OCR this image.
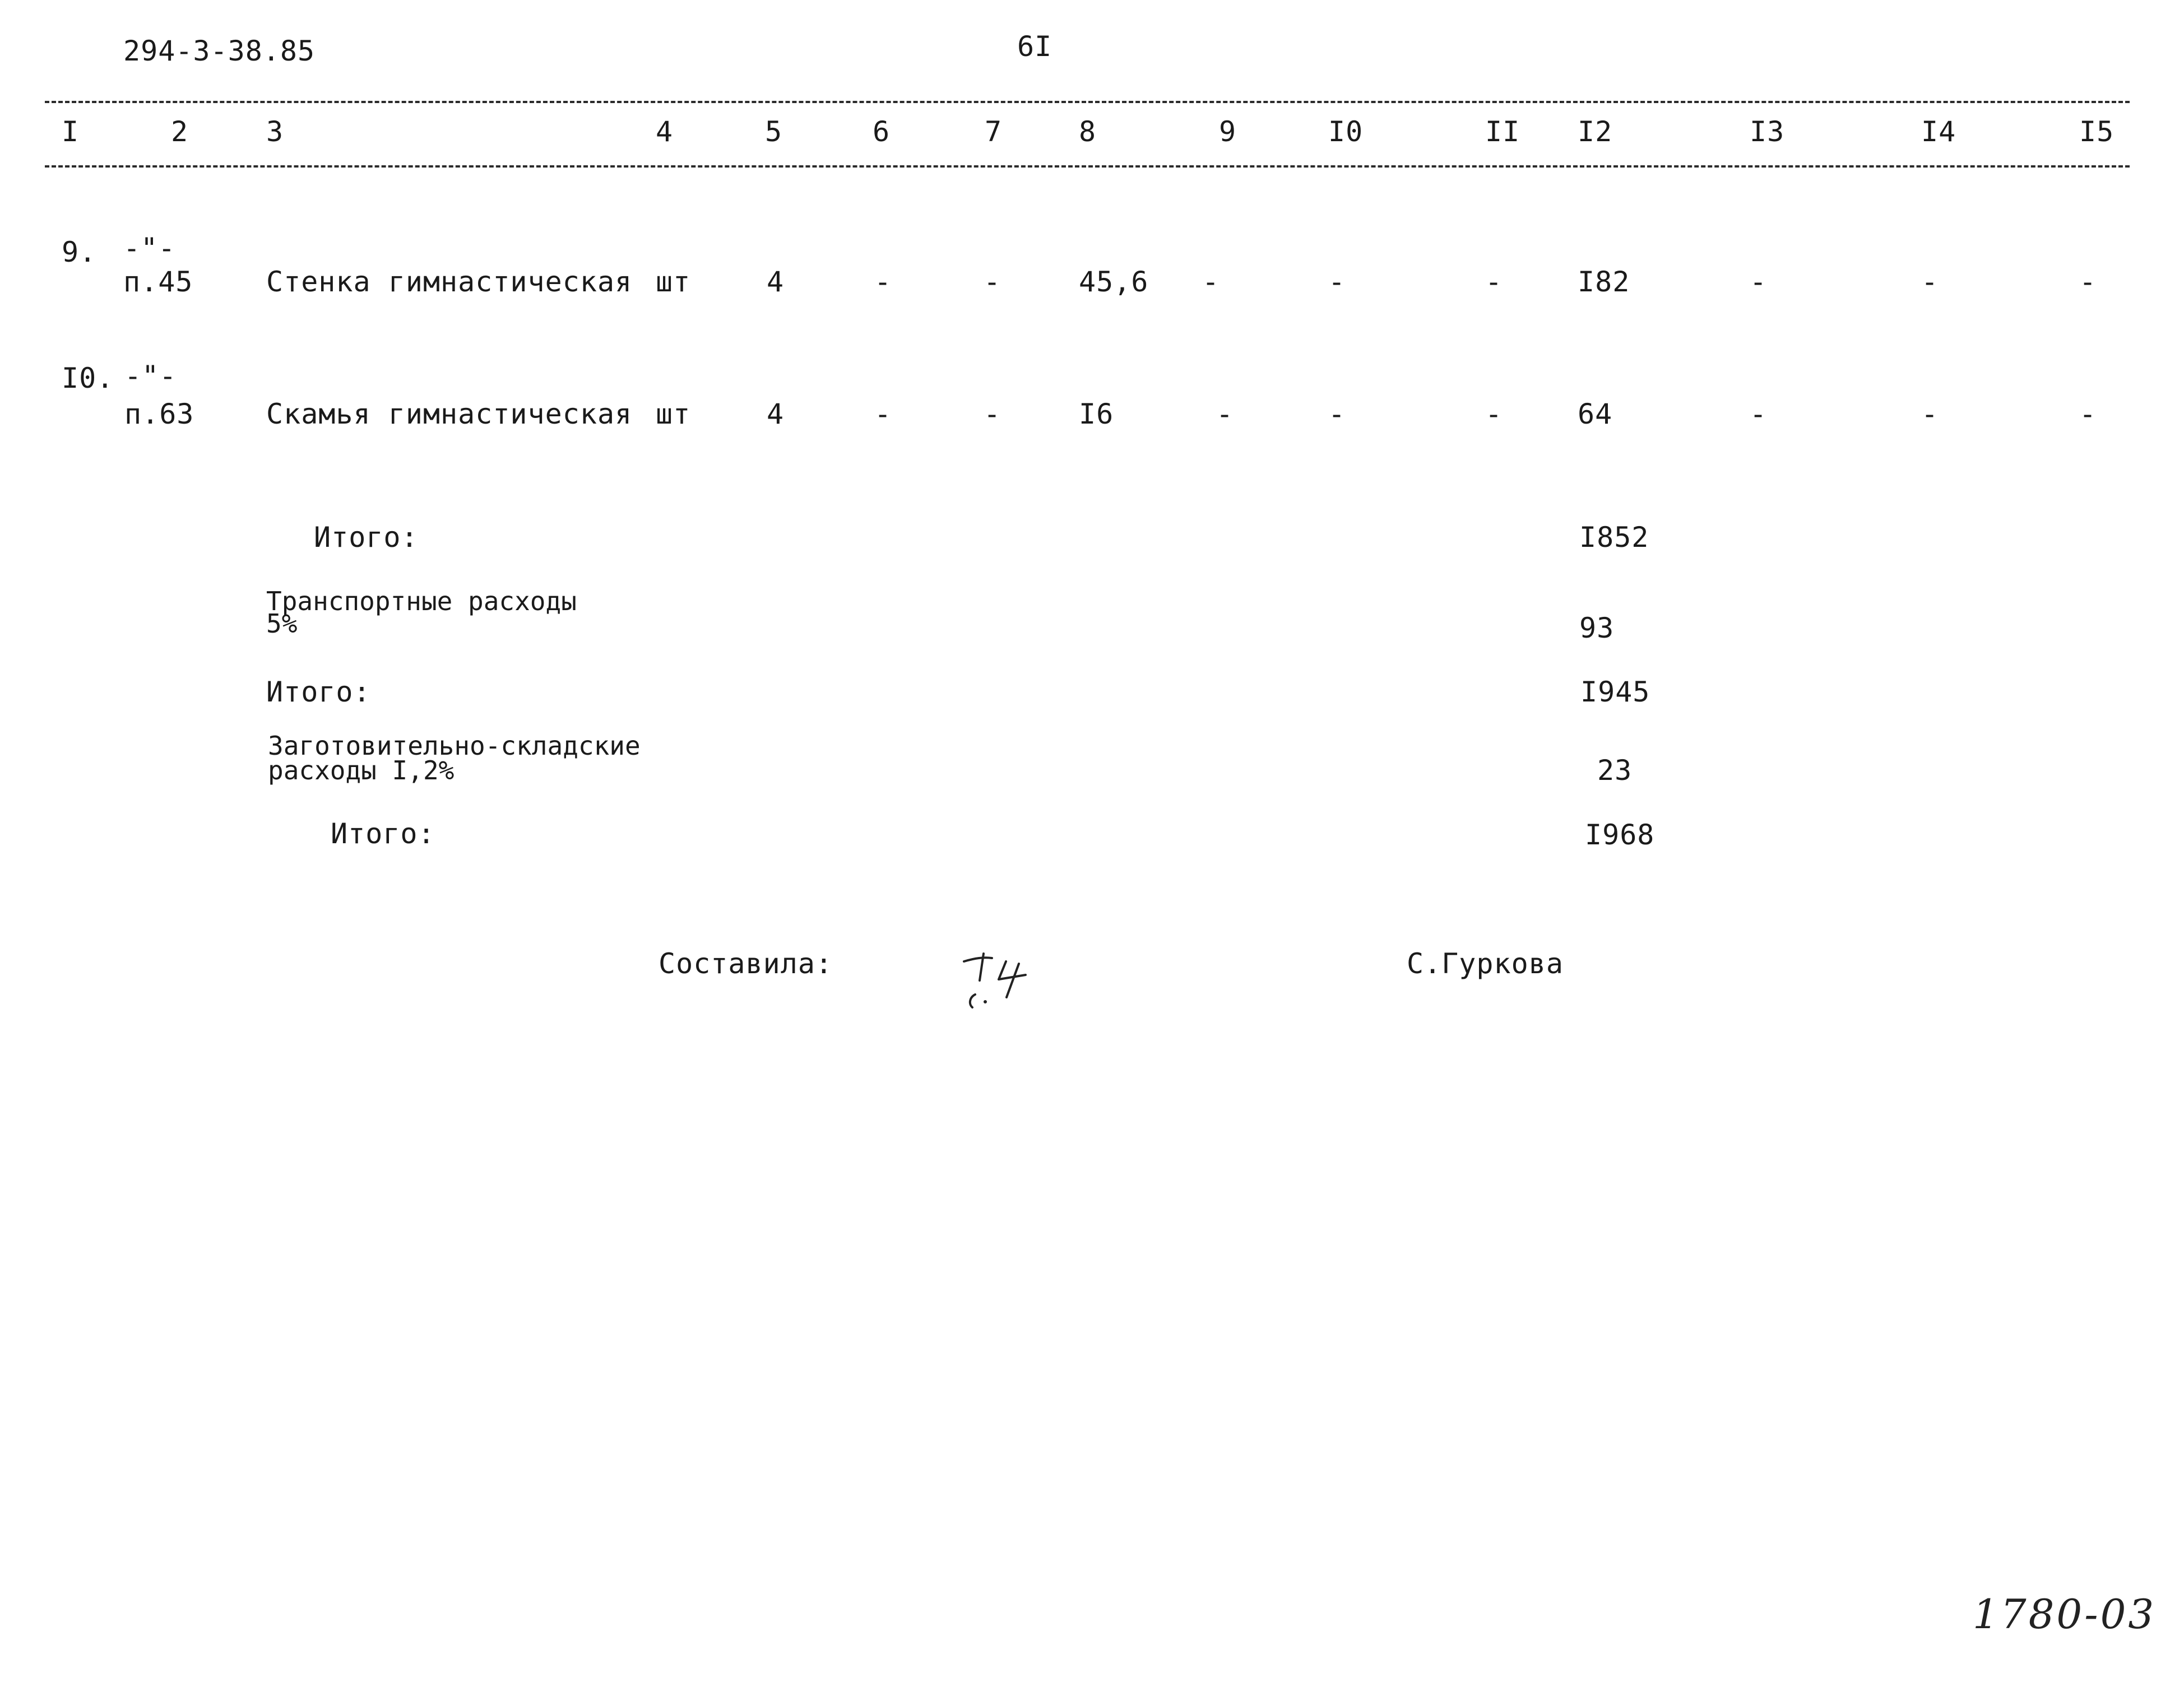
294-3-38.85	6I
I	2	3	4	5	6	7	8	9	I0	II I2	I3	I4	I5
9. -"-
п.45	Стенка гимнастическая шт	4	-	-	45,6 -	-	-	I82	-	-	-
I0. -"-
п.63	Скамья гимнастическая шт	4	-	-	I6	-	-	-	64	-	-	-
Итого:	I852
Транспортные расходы
5%	93
Итого:	I945
Заготовительно-складские
расходы I,2%	23
Итого:	I968
Составила:	С.Гуркова
1780-03
